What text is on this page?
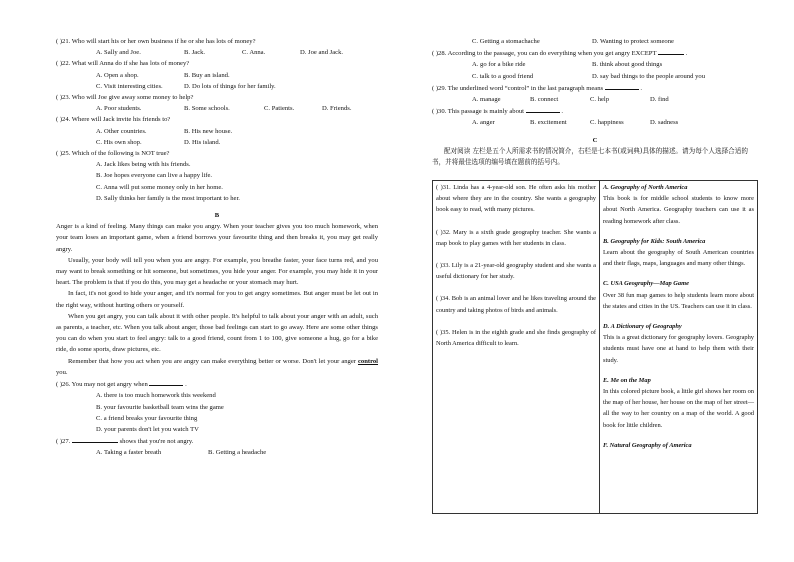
( )21. Who will start his or her own business if he or she has lots of money?
A. Sally and Joe.	B. Jack.	C. Anna.	D. Joe and Jack.
( )22. What will Anna do if she has lots of money?
A. Open a shop.	B. Buy an island.
C. Visit interesting cities.	D. Do lots of things for her family.
( )23. Who will Joe give away some money to help?
A. Poor students.	B. Some schools.	C. Patients.	D. Friends.
( )24. Where will Jack invite his friends to?
A. Other countries.	B. His new house.
C. His own shop.	D. His island.
( )25. Which of the following is NOT true?
A. Jack likes being with his friends.
B. Joe hopes everyone can live a happy life.
C. Anna will put some money only in her home.
D. Sally thinks her family is the most important to her.
B

Anger is a kind of feeling. Many things can make you angry. When your teacher gives you too much homework, when your team loses an important game, when a friend borrows your favourite thing and then breaks it, you may get really angry.

Usually, your body will tell you when you are angry. For example, you breathe faster, your face turns red, and you may want to break something or hit someone, but sometimes, you hide your anger. For example, you may hide it in your heart. The problem is that if you do this, you may get a headache or your stomach may hurt.

In fact, it's not good to hide your anger, and it's normal for you to get angry sometimes. But anger must be let out in the right way, without hurting others or yourself.

When you get angry, you can talk about it with other people. It's helpful to talk about your anger with an adult, such as parents, a teacher, etc. When you talk about anger, those bad feelings can start to go away. Here are some other things you can do when you start to feel angry: talk to a good friend, count from 1 to 100, give someone a hug, go for a bike ride, do some sports, draw pictures, etc.

Remember that how you act when you are angry can make everything better or worse. Don't let your anger control you.

( )26. You may not get angry when	.
A. there is too much homework this weekend
B. your favourite basketball team wins the game
C. a friend breaks your favourite thing
D. your parents don't let you watch TV
( )27.	shows that you're not angry.
A. Taking a faster breath	B. Getting a headache
C. Getting a stomachache	D. Wanting to protect someone
( )28. According to the passage, you can do everything when you get angry EXCEPT	.
A. go for a bike ride	B. think about good things
C. talk to a good friend	D. say bad things to the people around you
( )29. The underlined word “control” in the last paragraph means	.
A. manage	B. connect	C. help	D. find
( )30. This passage is mainly about	.
A. anger	B. excitement	C. happiness	D. sadness
C
配对阅读 左栏是五个人所需求书的情况简介，右栏是七本书(或词典)具体的描述。请为每个人选择合适的书，并将最佳选项的编号填在题前的括号内。
( )31. Linda has a 4-year-old son. He often asks his mother about where they are in the country. She wants a geography book easy to read, with many pictures.
( )32. Mary is a sixth grade geography teacher. She wants a map book to play games with her students in class.
( )33. Lily is a 21-year-old geography student and she wants a useful dictionary for her study.
( )34. Bob is an animal lover and he likes traveling around the country and taking photos of birds and animals.
( )35. Helen is in the eighth grade and she finds geography of North America difficult to learn.

A. Geography of North America
This book is for middle school students to know more about North America. Geography teachers can use it as reading homework after class.
B. Geography for Kids: South America
Learn about the geography of South American countries and their flags, maps, languages and many other things.
C. USA Geography—Map Game
Over 38 fun map games to help students learn more about the states and cities in the US. Teachers can use it in class.
D. A Dictionary of Geography
This is a great dictionary for geography lovers. Geography students must have one at hand to help them with their study.
E. Me on the Map
In this colored picture book, a little girl shows her room on the map of her house, her house on the map of her street—all the way to her country on a map of the world. A good book for little children.
F. Natural Geography of America
